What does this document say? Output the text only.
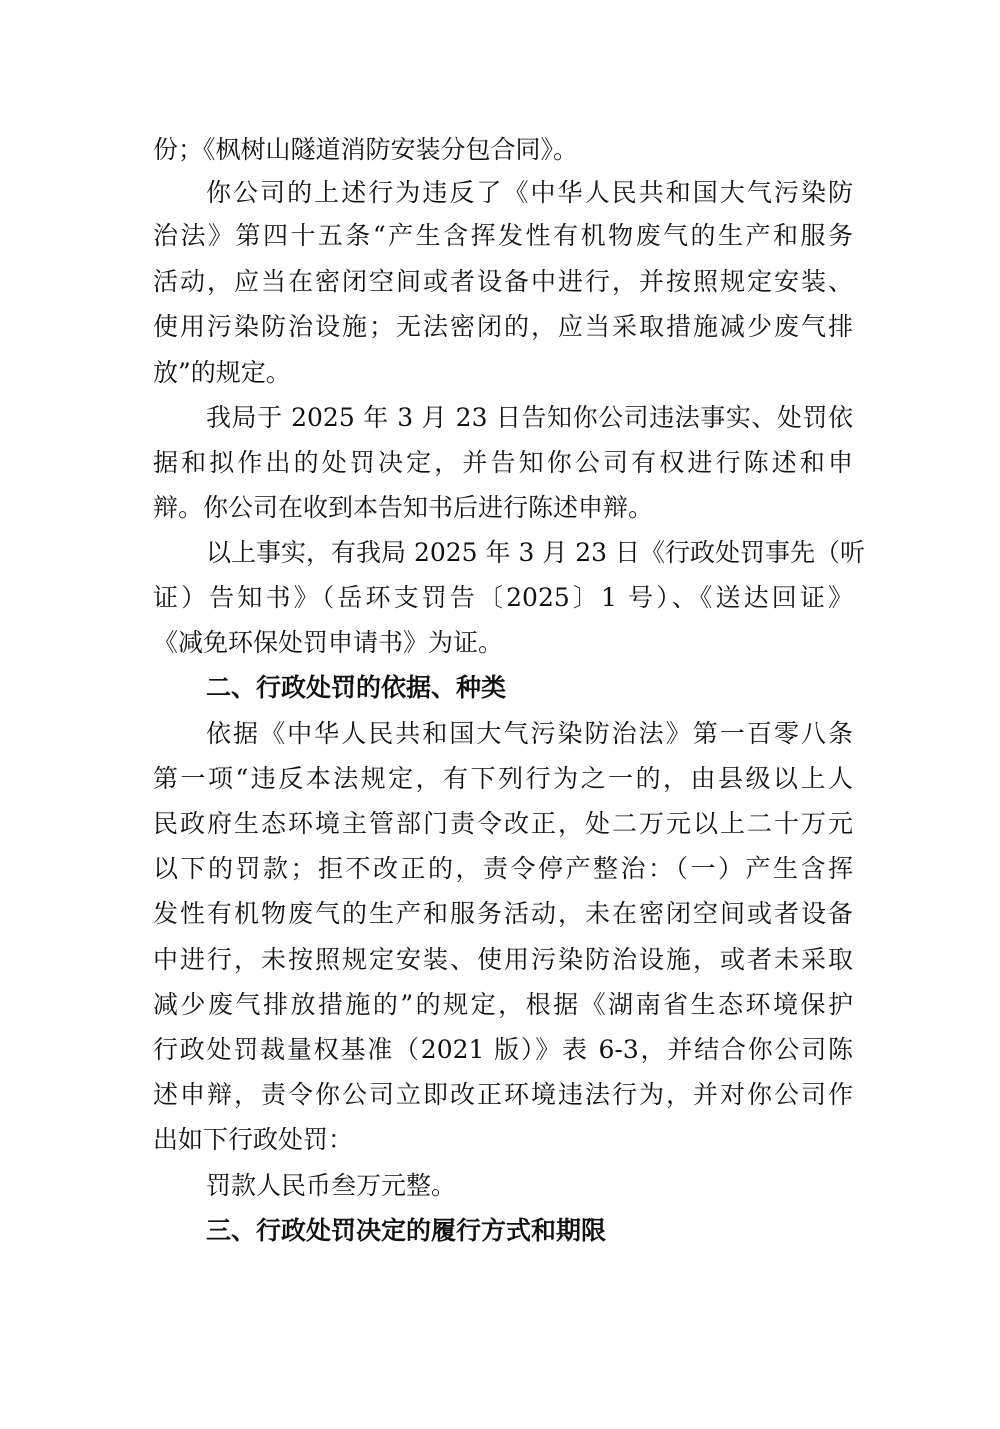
份；《枫树山隧道消防安装分包合同》。
你公司的上述行为违反了《中华人民共和国大气污染防
治法》第四十五条“产生含挥发性有机物废气的生产和服务
活动，应当在密闭空间或者设备中进行，并按照规定安装、
使用污染防治设施；无法密闭的，应当采取措施减少废气排
放”的规定。
我局于 2025 年 3 月 23 日告知你公司违法事实、处罚依
据和拟作出的处罚决定，并告知你公司有权进行陈述和申
辩。你公司在收到本告知书后进行陈述申辩。
以上事实，有我局 2025 年 3 月 23 日《行政处罚事先（听
证）告知书》（岳环支罚告〔2025〕1 号）、《送达回证》
《减免环保处罚申请书》为证。
二、行政处罚的依据、种类
依据《中华人民共和国大气污染防治法》第一百零八条
第一项“违反本法规定，有下列行为之一的，由县级以上人
民政府生态环境主管部门责令改正，处二万元以上二十万元
以下的罚款；拒不改正的，责令停产整治：（一）产生含挥
发性有机物废气的生产和服务活动，未在密闭空间或者设备
中进行，未按照规定安装、使用污染防治设施，或者未采取
减少废气排放措施的”的规定，根据《湖南省生态环境保护
行政处罚裁量权基准（2021 版）》表 6-3，并结合你公司陈
述申辩，责令你公司立即改正环境违法行为，并对你公司作
出如下行政处罚：
罚款人民币叁万元整。
三、行政处罚决定的履行方式和期限
